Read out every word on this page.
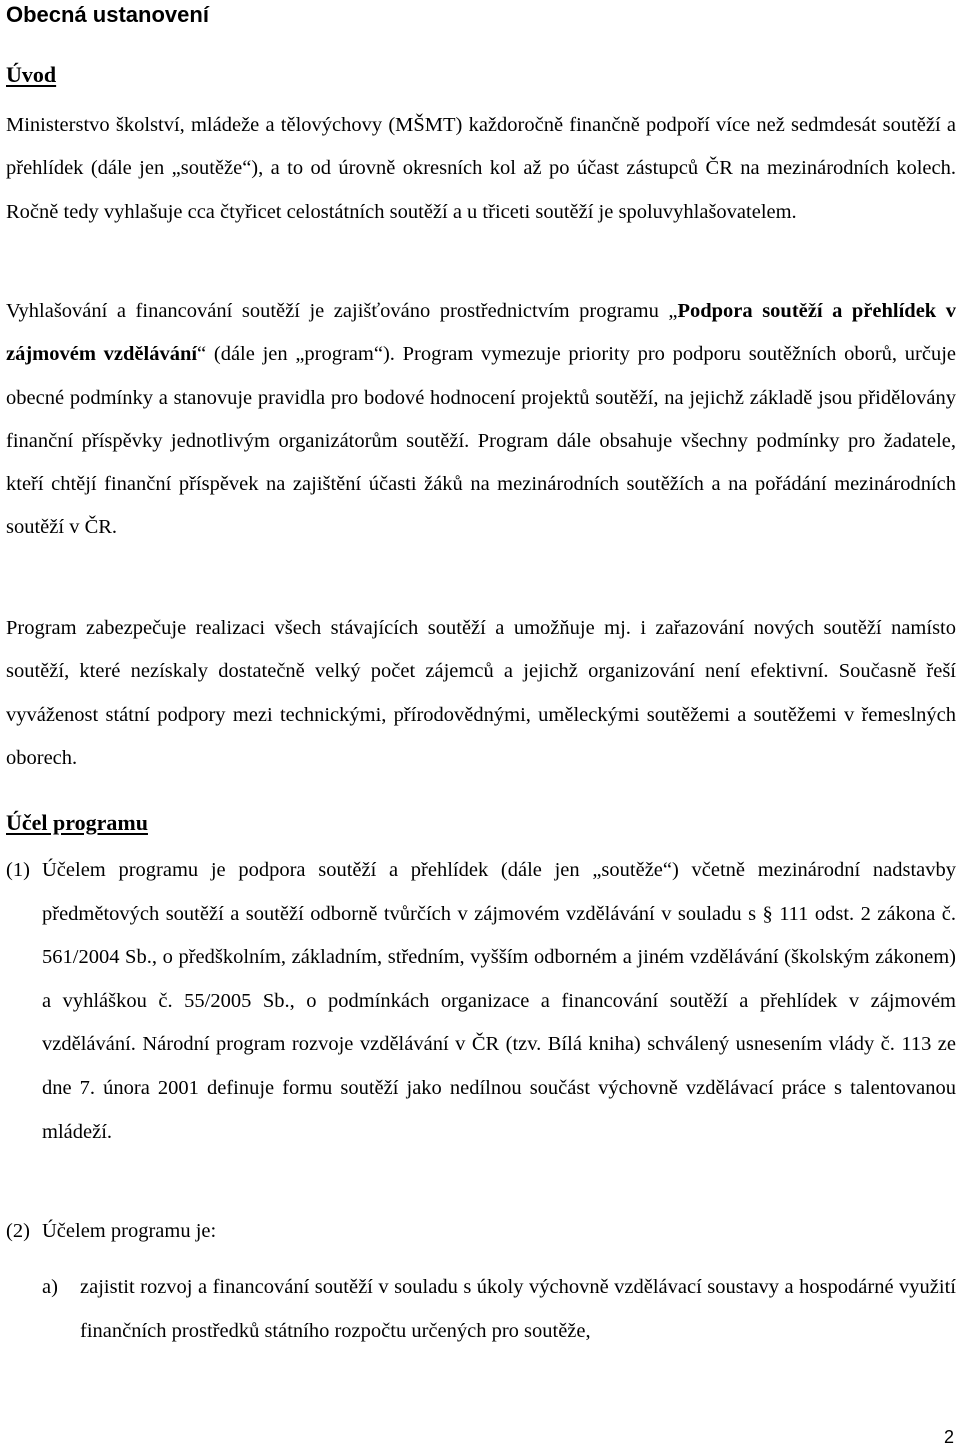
Obecná ustanovení
Úvod

Ministerstvo školství, mládeže a tělovýchovy (MŠMT) každoročně finančně podpoří více než sedmdesát soutěží a přehlídek (dále jen „soutěže“), a to od úrovně okresních kol až po účast zástupců ČR na mezinárodních kolech. Ročně tedy vyhlašuje cca čtyřicet celostátních soutěží a u třiceti soutěží je spoluvyhlašovatelem.

Vyhlašování a financování soutěží je zajišťováno prostřednictvím programu „Podpora soutěží a přehlídek v zájmovém vzdělávání“ (dále jen „program“). Program vymezuje priority pro podporu soutěžních oborů, určuje obecné podmínky a stanovuje pravidla pro bodové hodnocení projektů soutěží, na jejichž základě jsou přidělovány finanční příspěvky jednotlivým organizátorům soutěží. Program dále obsahuje všechny podmínky pro žadatele, kteří chtějí finanční příspěvek na zajištění účasti žáků na mezinárodních soutěžích a na pořádání mezinárodních soutěží v ČR.

Program zabezpečuje realizaci všech stávajících soutěží a umožňuje mj. i zařazování nových soutěží namísto soutěží, které nezískaly dostatečně velký počet zájemců a jejichž organizování není efektivní. Současně řeší vyváženost státní podpory mezi technickými, přírodovědnými, uměleckými soutěžemi a soutěžemi v řemeslných oborech.

Účel programu
(1) Účelem programu je podpora soutěží a přehlídek (dále jen „soutěže“) včetně mezinárodní nadstavby předmětových soutěží a soutěží odborně tvůrčích v zájmovém vzdělávání v souladu s § 111 odst. 2 zákona č. 561/2004 Sb., o předškolním, základním, středním, vyšším odborném a jiném vzdělávání (školským zákonem) a vyhláškou č. 55/2005 Sb., o podmínkách organizace a financování soutěží a přehlídek v zájmovém vzdělávání. Národní program rozvoje vzdělávání v ČR (tzv. Bílá kniha) schválený usnesením vlády č. 113 ze dne 7. února 2001 definuje formu soutěží jako nedílnou součást výchovně vzdělávací práce s talentovanou mládeží.
(2) Účelem programu je:
a) zajistit rozvoj a financování soutěží v souladu s úkoly výchovně vzdělávací soustavy a hospodárné využití finančních prostředků státního rozpočtu určených pro soutěže,
2
